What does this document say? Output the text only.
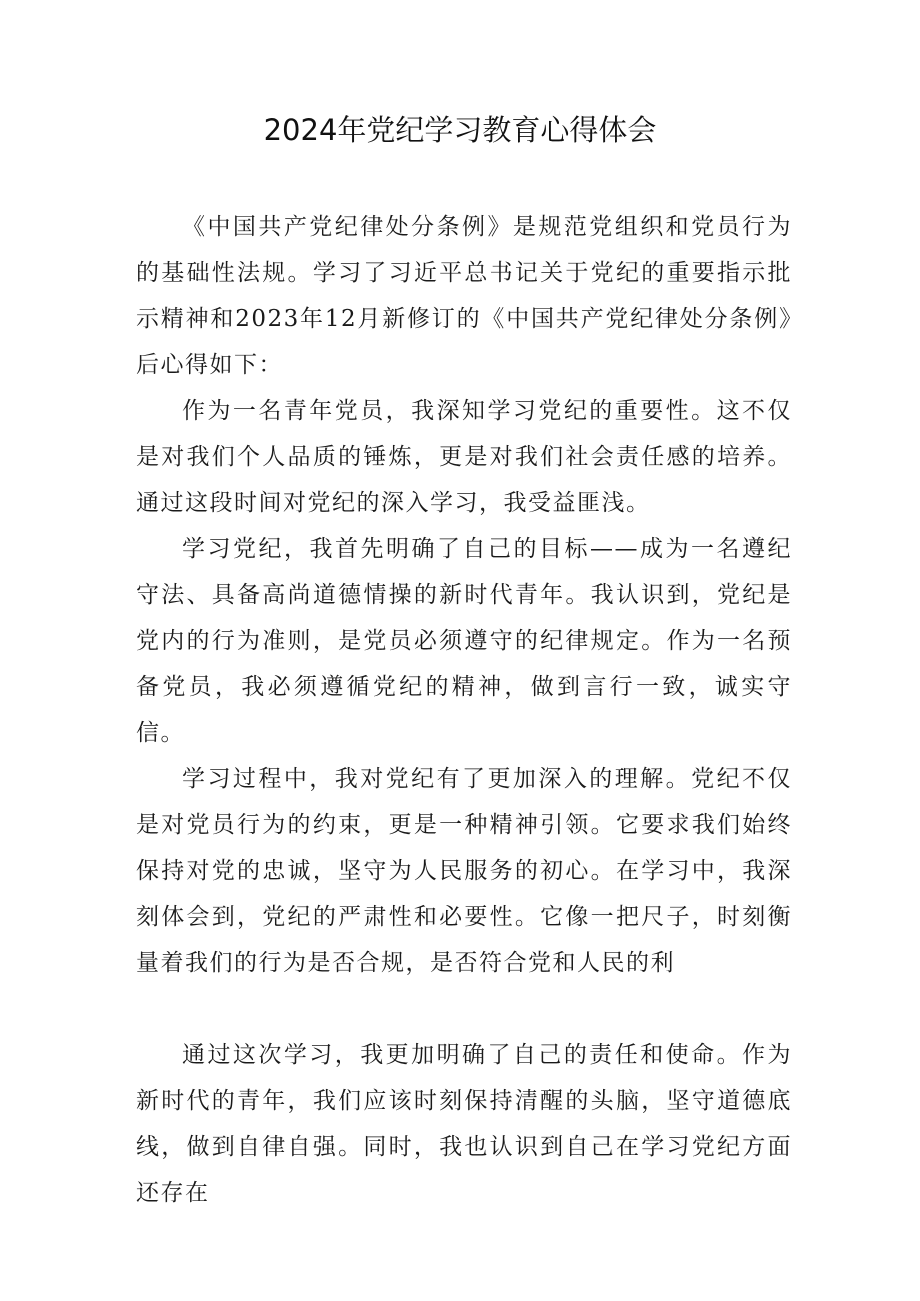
2024年党纪学习教育心得体会

《中国共产党纪律处分条例》是规范党组织和党员行为的基础性法规。学习了习近平总书记关于党纪的重要指示批示精神和2023年12月新修订的《中国共产党纪律处分条例》后心得如下：

作为一名青年党员，我深知学习党纪的重要性。这不仅是对我们个人品质的锤炼，更是对我们社会责任感的培养。通过这段时间对党纪的深入学习，我受益匪浅。

学习党纪，我首先明确了自己的目标——成为一名遵纪守法、具备高尚道德情操的新时代青年。我认识到，党纪是党内的行为准则，是党员必须遵守的纪律规定。作为一名预备党员，我必须遵循党纪的精神，做到言行一致，诚实守信。

学习过程中，我对党纪有了更加深入的理解。党纪不仅是对党员行为的约束，更是一种精神引领。它要求我们始终保持对党的忠诚，坚守为人民服务的初心。在学习中，我深刻体会到，党纪的严肃性和必要性。它像一把尺子，时刻衡量着我们的行为是否合规，是否符合党和人民的利

通过这次学习，我更加明确了自己的责任和使命。作为新时代的青年，我们应该时刻保持清醒的头脑，坚守道德底线，做到自律自强。同时，我也认识到自己在学习党纪方面还存在
